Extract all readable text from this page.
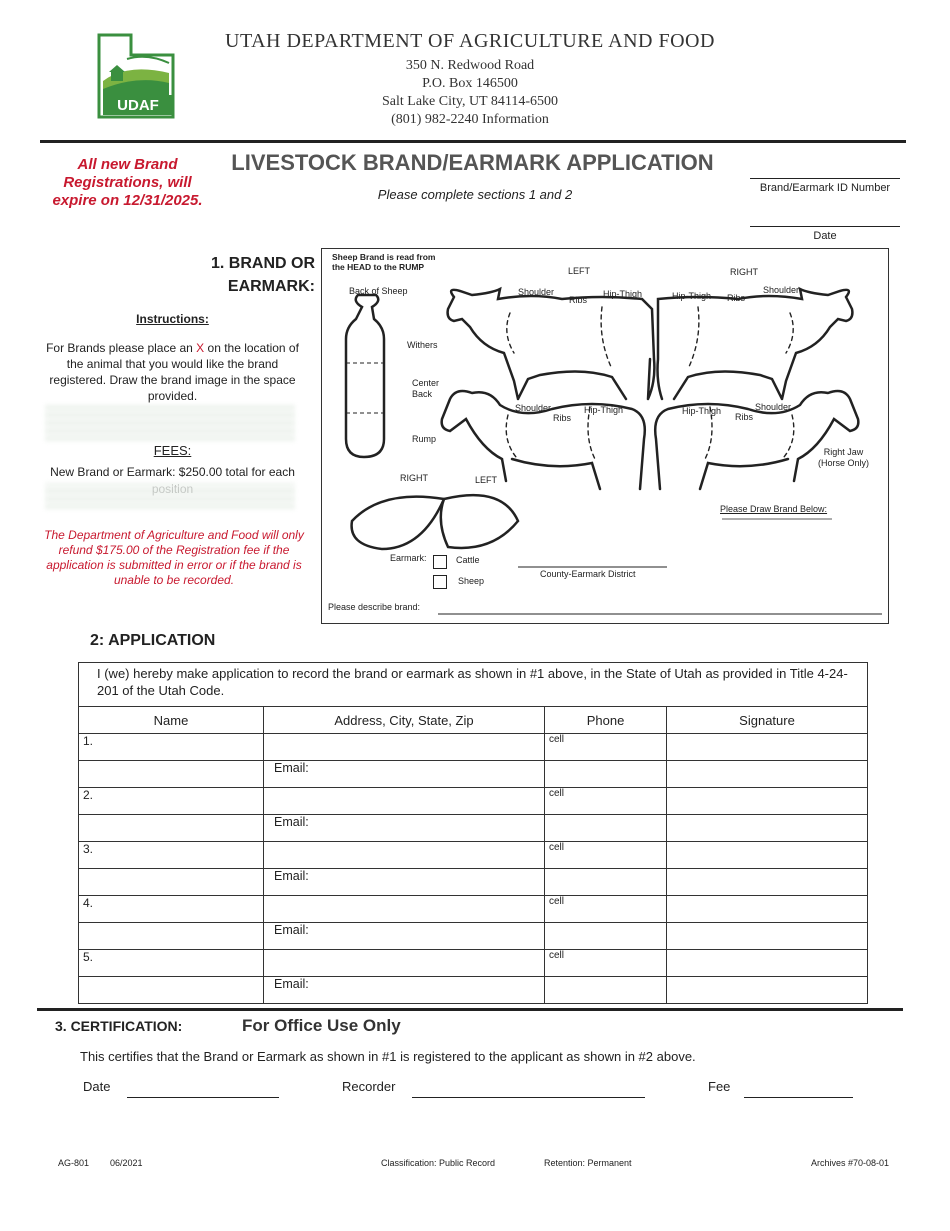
UDAF
UTAH DEPARTMENT OF AGRICULTURE AND FOOD
350 N. Redwood Road
P.O. Box 146500
Salt Lake City, UT 84114-6500
(801) 982-2240 Information
All new Brand Registrations, will expire on 12/31/2025.
LIVESTOCK BRAND/EARMARK APPLICATION
Please complete sections 1 and 2	Brand/Earmark ID Number
Date
1. BRAND OR
EARMARK:
Instructions:
For Brands please place an X on the location of the animal that you would like the brand registered. Draw the brand image in the space provided.
FEES:
New Brand or Earmark: $250.00 total for each
The Department of Agriculture and Food will only refund $175.00 of the Registration fee if the application is submitted in error or if the brand is unable to be recorded.
Sheep Brand is read from
the HEAD to the RUMP
Back of Sheep
Withers
Center
Back
Rump
LEFT	RIGHT
Shoulder
Ribs
Hip-Thigh	Hip-Thigh Ribs
Shoulder
Shoulder
Ribs
Hip-Thigh	Hip-Thigh
Ribs
Shoulder
Right Jaw
(Horse Only)
Please Draw Brand Below:
RIGHT	LEFT
Earmark:	Cattle
Sheep
County-Earmark District
Please describe brand:
2: APPLICATION
I (we) hereby make application to record the brand or earmark as shown in #1 above, in the State of Utah as provided in Title 4-24-201 of the Utah Code.			
Name	Address, City, State, Zip	Phone	Signature
1.		cell	
	Email:		
2.		cell	
	Email:		
3.		cell	
	Email:		
4.		cell	
	Email:		
5.		cell	
	Email:		
3. CERTIFICATION:	For Office Use Only
This certifies that the Brand or Earmark as shown in #1 is registered to the applicant as shown in #2 above.
Date	Recorder	Fee
AG-801 06/2021	Classification: Public Record	Retention: Permanent	Archives #70-08-01
